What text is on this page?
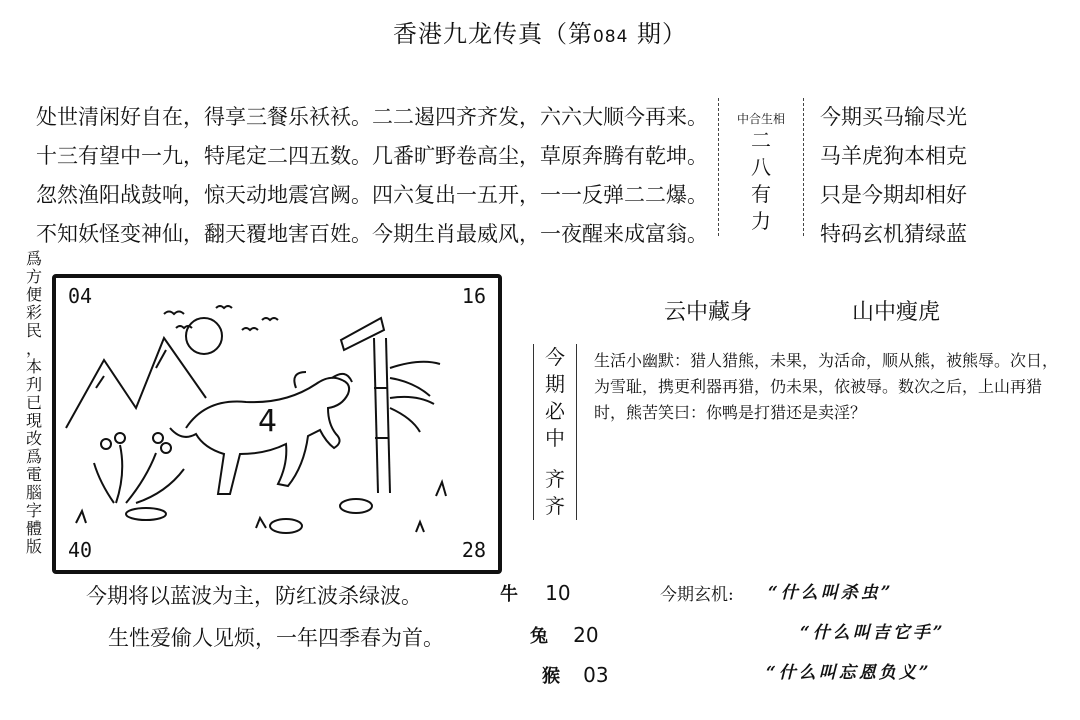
香港九龙传真（第084 期）
处世清闲好自在，得享三餐乐袄袄。二二遏四齐齐发，六六大顺今再来。
十三有望中一九，特尾定二四五数。几番旷野卷高尘，草原奔腾有乾坤。
忽然渔阳战鼓响，惊天动地震宫阙。四六复出一五开，一一反弹二二爆。
不知妖怪变神仙，翻天覆地害百姓。今期生肖最威风，一夜醒来成富翁。
中合生相
二
八
有
力
今期买马输尽光
马羊虎狗本相克
只是今期却相好
特码玄机猜绿蓝
爲
方
便
彩
民
，
本
刋
已
現
改
爲
電
腦
字
體
版
04	16
40	28
4
云中藏身	山中瘦虎
今
期
必
中
齐
齐
生活小幽默：猎人猎熊，未果，为活命，顺从熊，被熊辱。次日，为雪耻，携更利器再猎，仍未果，依被辱。数次之后，上山再猎时，熊苦笑曰：你鸭是打猎还是卖淫？
今期将以蓝波为主，防红波杀绿波。
生性爱偷人见烦，一年四季春为首。
牛 10
兔 20
猴 03
今期玄机: “什么叫杀虫”
“什么叫吉它手”
“什么叫忘恩负义”
